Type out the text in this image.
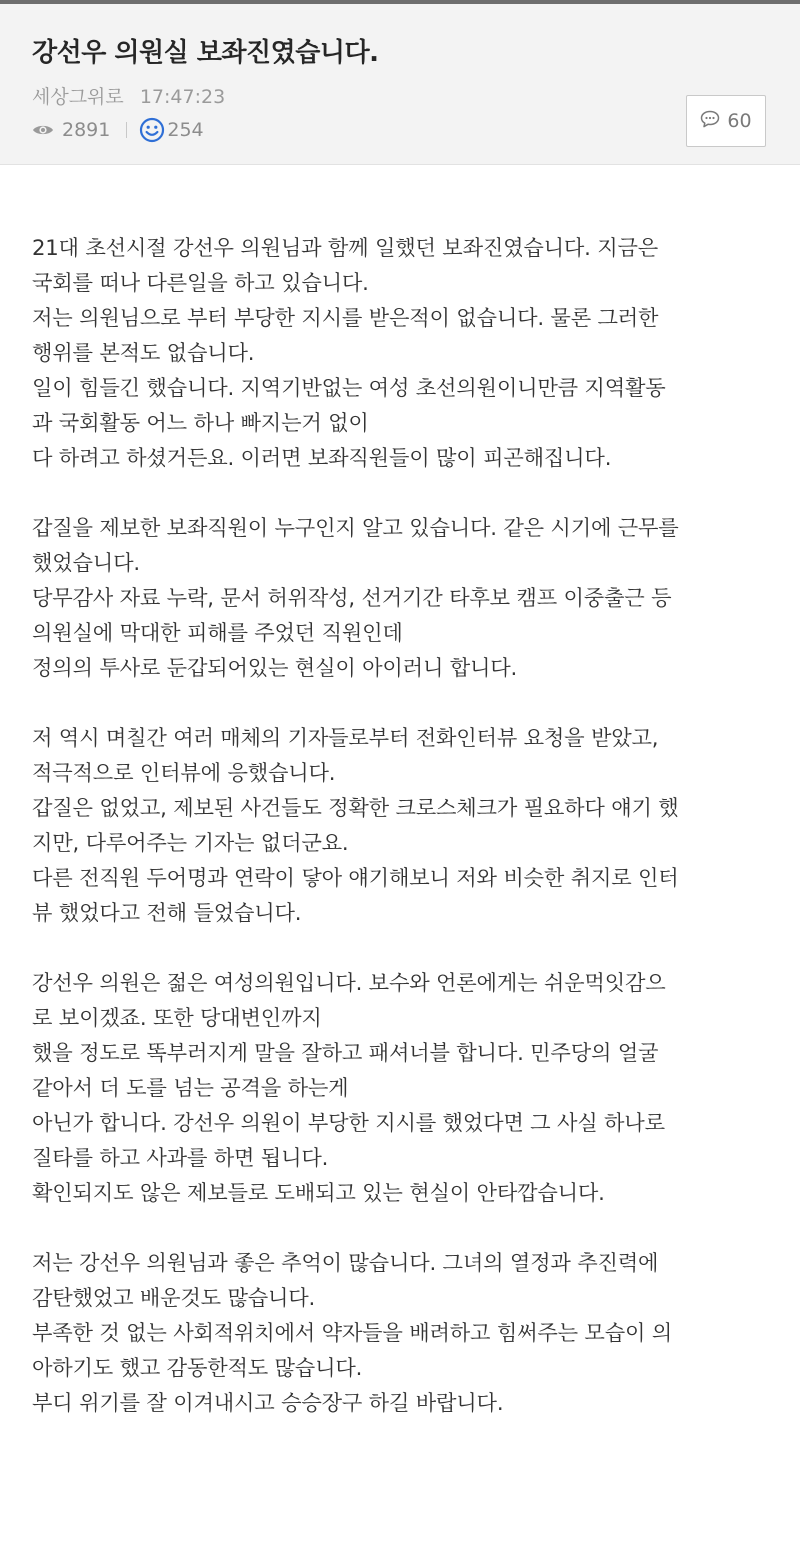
강선우 의원실 보좌진였습니다.
세상그위로 17:47:23
2891	254	60

21대 초선시절 강선우 의원님과 함께 일했던 보좌진였습니다. 지금은
국회를 떠나 다른일을 하고 있습니다.
저는 의원님으로 부터 부당한 지시를 받은적이 없습니다. 물론 그러한
행위를 본적도 없습니다.
일이 힘들긴 했습니다. 지역기반없는 여성 초선의원이니만큼 지역활동
과 국회활동 어느 하나 빠지는거 없이
다 하려고 하셨거든요. 이러면 보좌직원들이 많이 피곤해집니다.

갑질을 제보한 보좌직원이 누구인지 알고 있습니다. 같은 시기에 근무를
했었습니다.
당무감사 자료 누락, 문서 허위작성, 선거기간 타후보 캠프 이중출근 등
의원실에 막대한 피해를 주었던 직원인데
정의의 투사로 둔갑되어있는 현실이 아이러니 합니다.

저 역시 며칠간 여러 매체의 기자들로부터 전화인터뷰 요청을 받았고,
적극적으로 인터뷰에 응했습니다.
갑질은 없었고, 제보된 사건들도 정확한 크로스체크가 필요하다 얘기 했
지만, 다루어주는 기자는 없더군요.
다른 전직원 두어명과 연락이 닿아 얘기해보니 저와 비슷한 취지로 인터
뷰 했었다고 전해 들었습니다.

강선우 의원은 젊은 여성의원입니다. 보수와 언론에게는 쉬운먹잇감으
로 보이겠죠. 또한 당대변인까지
했을 정도로 똑부러지게 말을 잘하고 패셔너블 합니다. 민주당의 얼굴
같아서 더 도를 넘는 공격을 하는게
아닌가 합니다. 강선우 의원이 부당한 지시를 했었다면 그 사실 하나로
질타를 하고 사과를 하면 됩니다.
확인되지도 않은 제보들로 도배되고 있는 현실이 안타깝습니다.

저는 강선우 의원님과 좋은 추억이 많습니다. 그녀의 열정과 추진력에
감탄했었고 배운것도 많습니다.
부족한 것 없는 사회적위치에서 약자들을 배려하고 힘써주는 모습이 의
아하기도 했고 감동한적도 많습니다.
부디 위기를 잘 이겨내시고 승승장구 하길 바랍니다.
